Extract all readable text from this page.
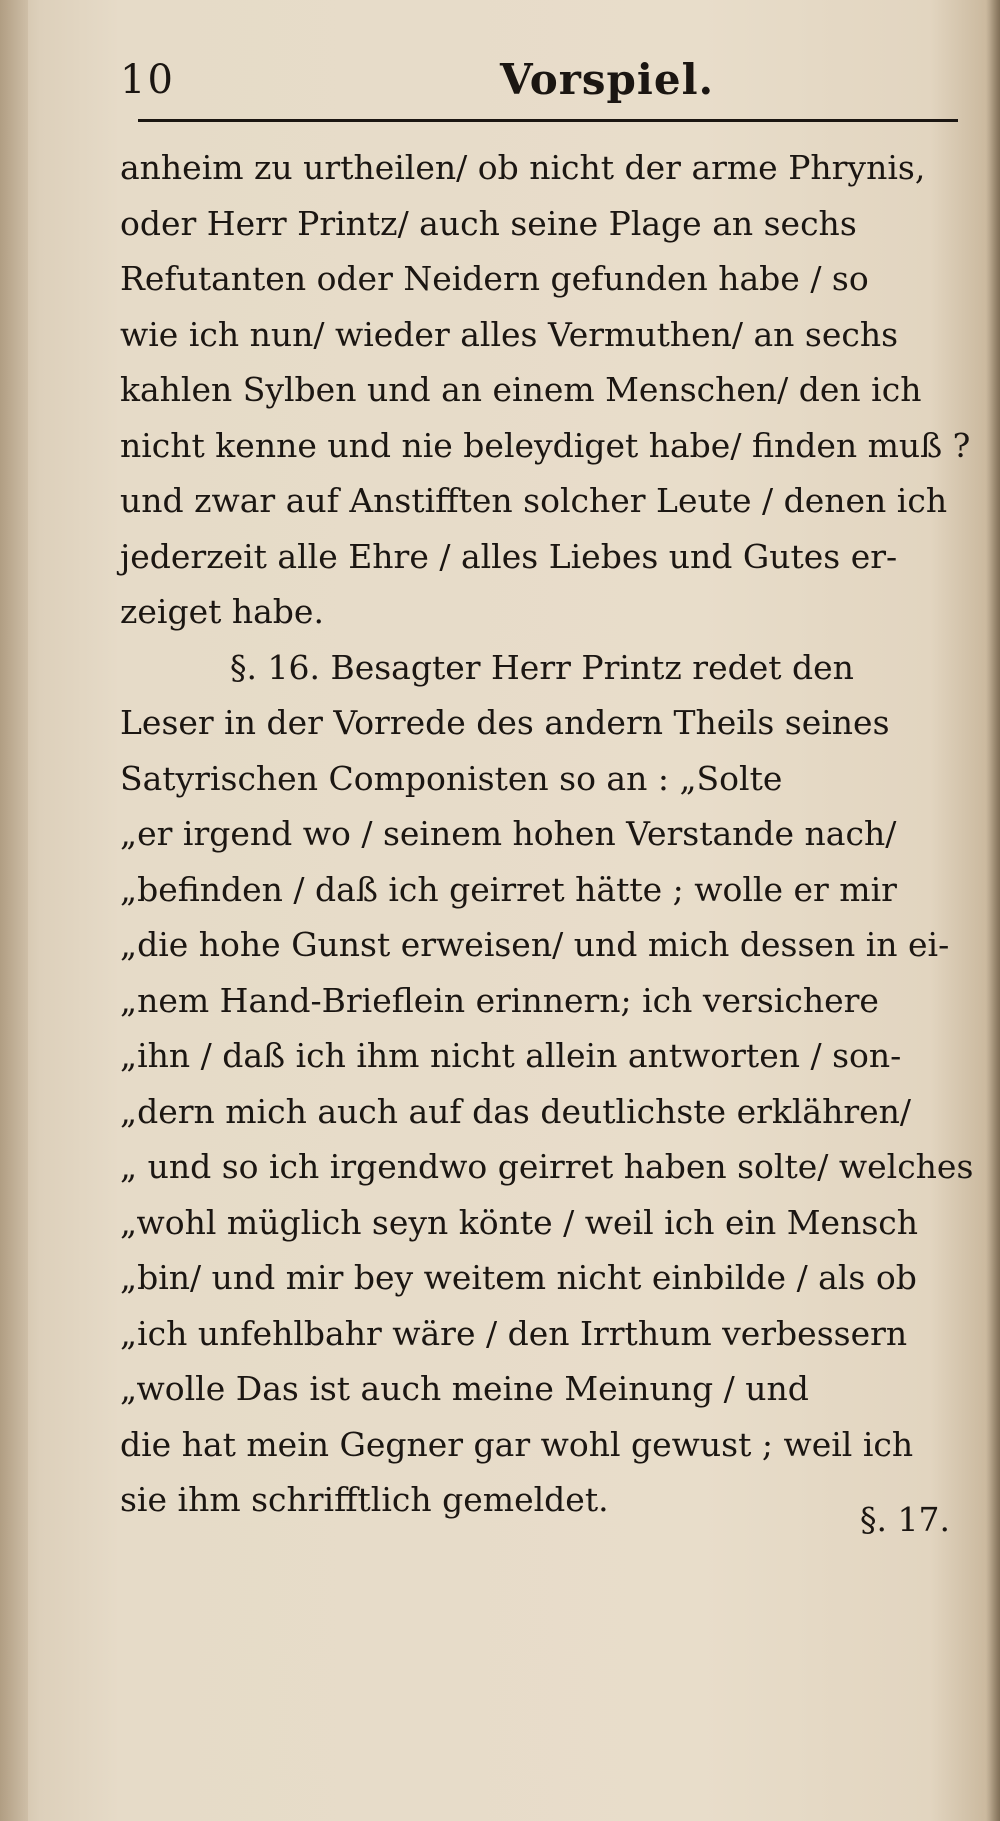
10	Vorspiel.
anheim zu urtheilen/ ob nicht der arme Phrynis,
oder Herr Printz/ auch seine Plage an sechs
Refutanten oder Neidern gefunden habe / so
wie ich nun/ wieder alles Vermuthen/ an sechs
kahlen Sylben und an einem Menschen/ den ich
nicht kenne und nie beleydiget habe/ finden muß ?
und zwar auf Anstifften solcher Leute / denen ich
jederzeit alle Ehre / alles Liebes und Gutes er-
zeiget habe.
§. 16. Besagter Herr Printz redet den
Leser in der Vorrede des andern Theils seines
Satyrischen Componisten so an : „Solte
„er irgend wo / seinem hohen Verstande nach/
„befinden / daß ich geirret hätte ; wolle er mir
„die hohe Gunst erweisen/ und mich dessen in ei-
„nem Hand-Brieflein erinnern; ich versichere
„ihn / daß ich ihm nicht allein antworten / son-
„dern mich auch auf das deutlichste erklähren/
„ und so ich irgendwo geirret haben solte/ welches
„wohl müglich seyn könte / weil ich ein Mensch
„bin/ und mir bey weitem nicht einbilde / als ob
„ich unfehlbahr wäre / den Irrthum verbessern
„wolle Das ist auch meine Meinung / und
die hat mein Gegner gar wohl gewust ; weil ich
sie ihm schrifftlich gemeldet.
§. 17.
